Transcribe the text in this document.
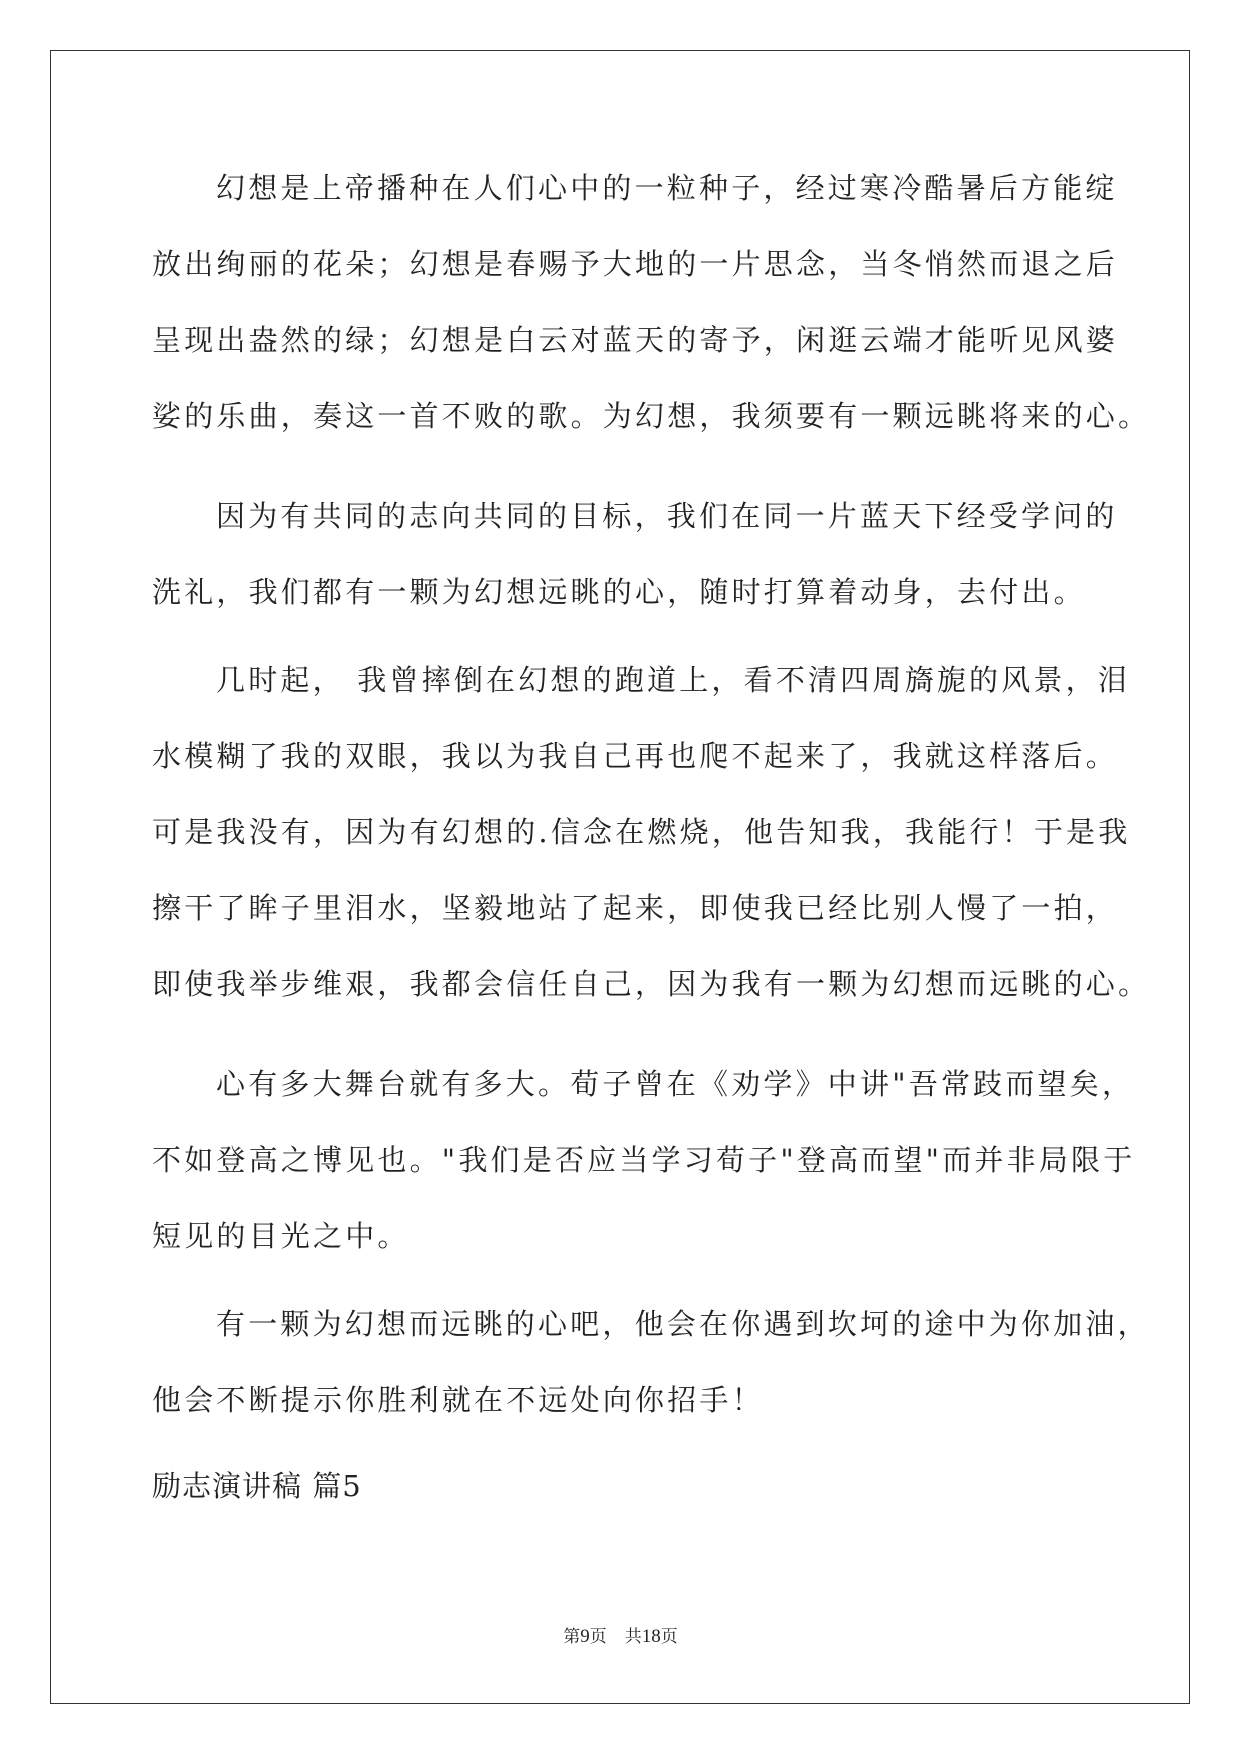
幻想是上帝播种在人们心中的一粒种子，经过寒冷酷暑后方能绽
放出绚丽的花朵；幻想是春赐予大地的一片思念，当冬悄然而退之后
呈现出盎然的绿；幻想是白云对蓝天的寄予，闲逛云端才能听见风婆
娑的乐曲，奏这一首不败的歌。为幻想，我须要有一颗远眺将来的心。
因为有共同的志向共同的目标，我们在同一片蓝天下经受学问的
洗礼，我们都有一颗为幻想远眺的心，随时打算着动身，去付出。
几时起， 我曾摔倒在幻想的跑道上，看不清四周旖旎的风景，泪
水模糊了我的双眼，我以为我自己再也爬不起来了，我就这样落后。
可是我没有，因为有幻想的.信念在燃烧，他告知我，我能行！于是我
擦干了眸子里泪水，坚毅地站了起来，即使我已经比别人慢了一拍，
即使我举步维艰，我都会信任自己，因为我有一颗为幻想而远眺的心。
心有多大舞台就有多大。荀子曾在《劝学》中讲"吾常跂而望矣，
不如登高之博见也。"我们是否应当学习荀子"登高而望"而并非局限于
短见的目光之中。
有一颗为幻想而远眺的心吧，他会在你遇到坎坷的途中为你加油，
他会不断提示你胜利就在不远处向你招手！
励志演讲稿 篇5
第9页 共18页
